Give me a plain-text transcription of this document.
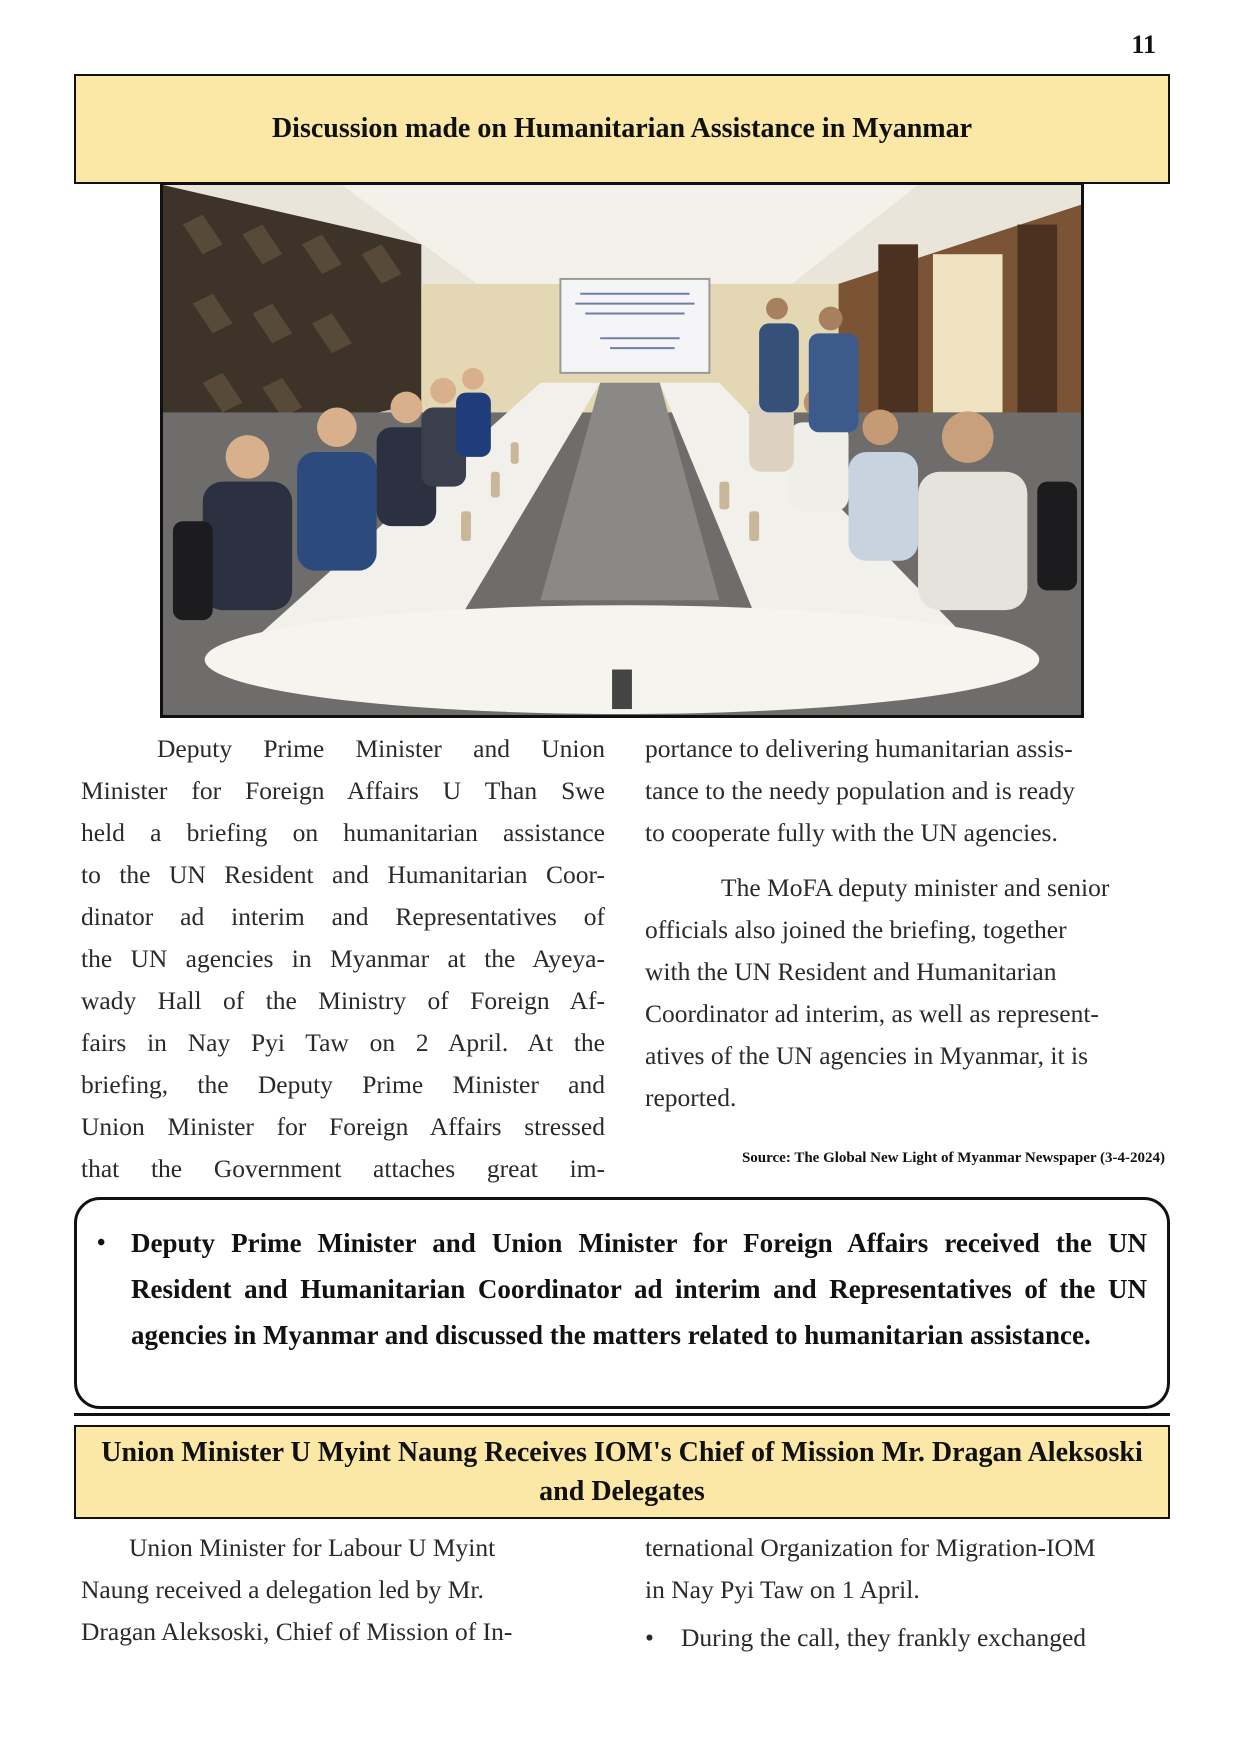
11
Discussion made on Humanitarian Assistance in Myanmar

Deputy Prime Minister and Union
Minister for Foreign Affairs U Than Swe
held a briefing on humanitarian assistance
to the UN Resident and Humanitarian Coor-
dinator ad interim and Representatives of
the UN agencies in Myanmar at the Ayeya-
wady Hall of the Ministry of Foreign Af-
fairs in Nay Pyi Taw on 2 April. At the
briefing, the Deputy Prime Minister and
Union Minister for Foreign Affairs stressed
that the Government attaches great im-

portance to delivering humanitarian assis-
tance to the needy population and is ready
to cooperate fully with the UN agencies.

The MoFA deputy minister and senior
officials also joined the briefing, together
with the UN Resident and Humanitarian
Coordinator ad interim, as well as represent-
atives of the UN agencies in Myanmar, it is
reported.

Source: The Global New Light of Myanmar Newspaper (3-4-2024)
• Deputy Prime Minister and Union Minister for Foreign Affairs received the UN Resident and Humanitarian Coordinator ad interim and Representatives of the UN agencies in Myanmar and discussed the matters related to humanitarian assistance.
Union Minister U Myint Naung Receives IOM's Chief of Mission Mr. Dragan Aleksoski and Delegates

Union Minister for Labour U Myint
Naung received a delegation led by Mr.
Dragan Aleksoski, Chief of Mission of In-

ternational Organization for Migration-IOM
in Nay Pyi Taw on 1 April.

•	During the call, they frankly exchanged
